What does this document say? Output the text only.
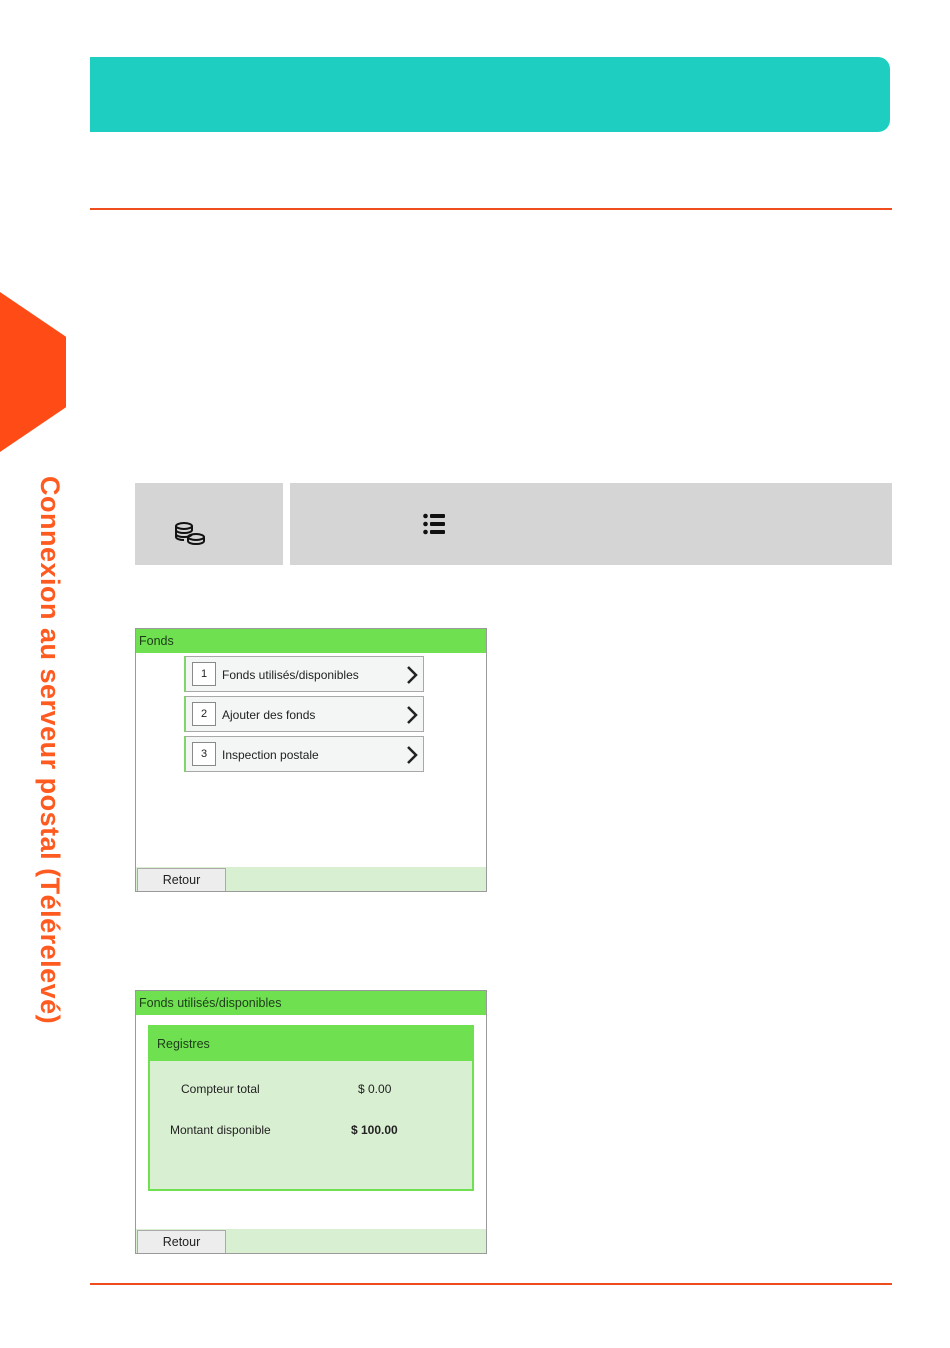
Connexion au serveur postal (Télérelevé)	Fonds
1	Fonds utilisés/disponibles
2	Ajouter des fonds
3	Inspection postale
Retour
Fonds utilisés/disponibles
Registres
Compteur total	$ 0.00
Montant disponible	$ 100.00
Retour
